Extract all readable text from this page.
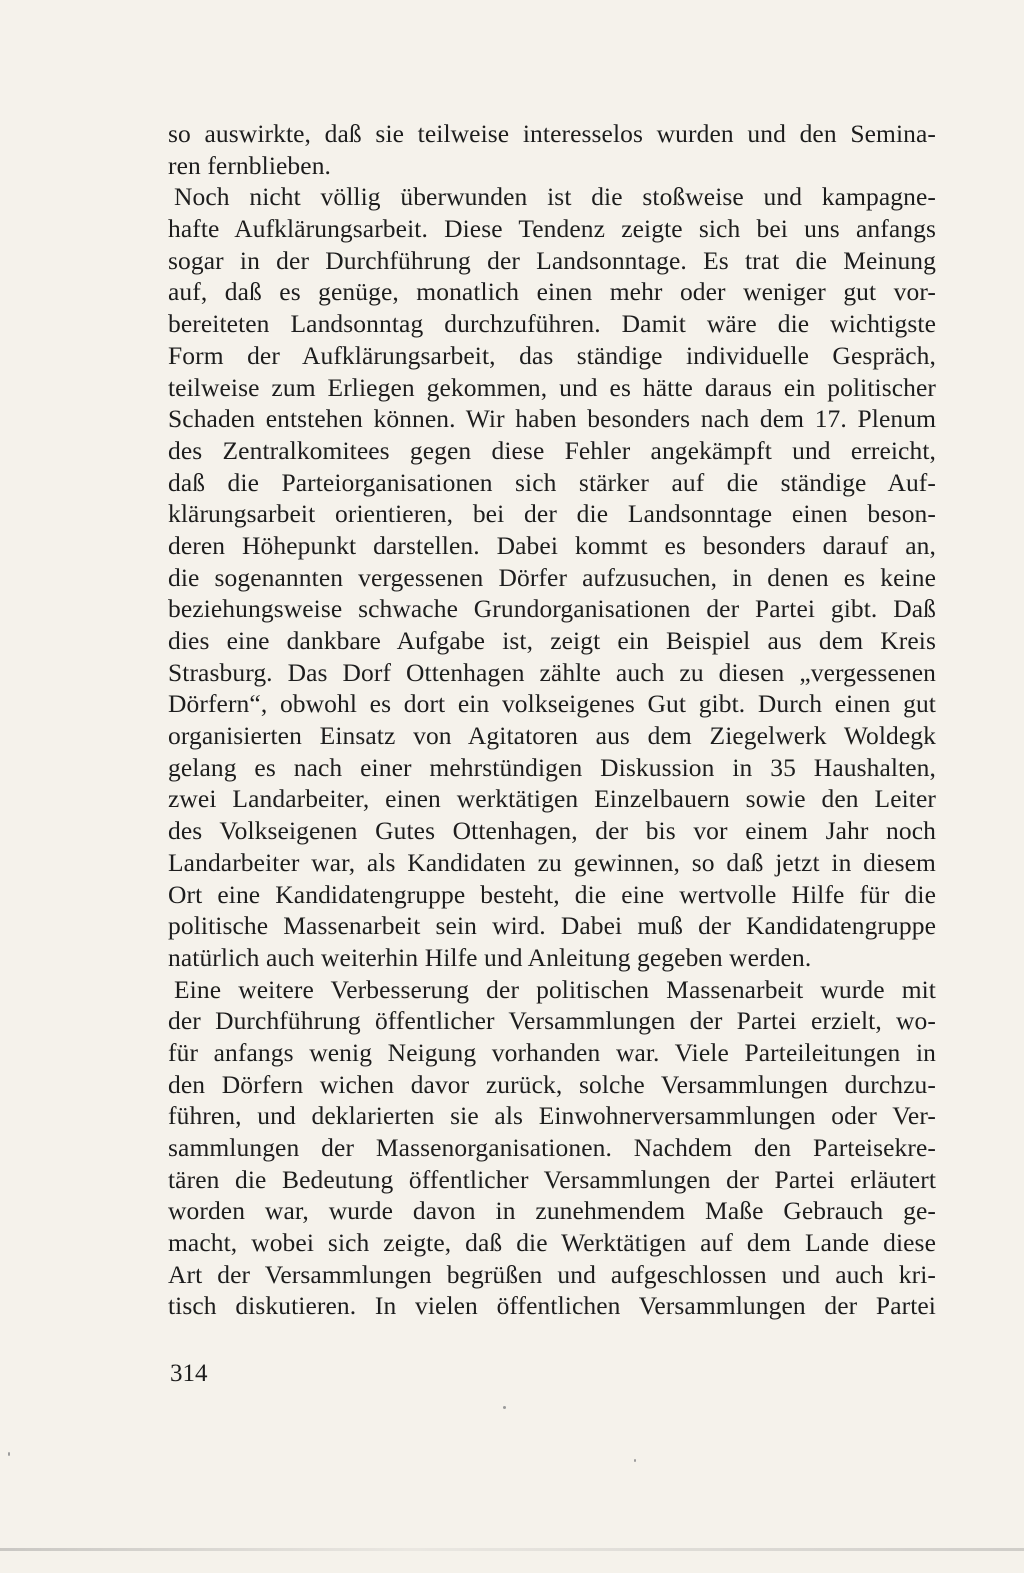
so auswirkte, daß sie teilweise interesselos wurden und den Semina-
ren fernblieben.
Noch nicht völlig überwunden ist die stoßweise und kampagne-
hafte Aufklärungsarbeit. Diese Tendenz zeigte sich bei uns anfangs
sogar in der Durchführung der Landsonntage. Es trat die Meinung
auf, daß es genüge, monatlich einen mehr oder weniger gut vor-
bereiteten Landsonntag durchzuführen. Damit wäre die wichtigste
Form der Aufklärungsarbeit, das ständige individuelle Gespräch,
teilweise zum Erliegen gekommen, und es hätte daraus ein politischer
Schaden entstehen können. Wir haben besonders nach dem 17. Plenum
des Zentralkomitees gegen diese Fehler angekämpft und erreicht,
daß die Parteiorganisationen sich stärker auf die ständige Auf-
klärungsarbeit orientieren, bei der die Landsonntage einen beson-
deren Höhepunkt darstellen. Dabei kommt es besonders darauf an,
die sogenannten vergessenen Dörfer aufzusuchen, in denen es keine
beziehungsweise schwache Grundorganisationen der Partei gibt. Daß
dies eine dankbare Aufgabe ist, zeigt ein Beispiel aus dem Kreis
Strasburg. Das Dorf Ottenhagen zählte auch zu diesen „vergessenen
Dörfern“, obwohl es dort ein volkseigenes Gut gibt. Durch einen gut
organisierten Einsatz von Agitatoren aus dem Ziegelwerk Woldegk
gelang es nach einer mehrstündigen Diskussion in 35 Haushalten,
zwei Landarbeiter, einen werktätigen Einzelbauern sowie den Leiter
des Volkseigenen Gutes Ottenhagen, der bis vor einem Jahr noch
Landarbeiter war, als Kandidaten zu gewinnen, so daß jetzt in diesem
Ort eine Kandidatengruppe besteht, die eine wertvolle Hilfe für die
politische Massenarbeit sein wird. Dabei muß der Kandidatengruppe
natürlich auch weiterhin Hilfe und Anleitung gegeben werden.
Eine weitere Verbesserung der politischen Massenarbeit wurde mit
der Durchführung öffentlicher Versammlungen der Partei erzielt, wo-
für anfangs wenig Neigung vorhanden war. Viele Parteileitungen in
den Dörfern wichen davor zurück, solche Versammlungen durchzu-
führen, und deklarierten sie als Einwohnerversammlungen oder Ver-
sammlungen der Massenorganisationen. Nachdem den Parteisekre-
tären die Bedeutung öffentlicher Versammlungen der Partei erläutert
worden war, wurde davon in zunehmendem Maße Gebrauch ge-
macht, wobei sich zeigte, daß die Werktätigen auf dem Lande diese
Art der Versammlungen begrüßen und aufgeschlossen und auch kri-
tisch diskutieren. In vielen öffentlichen Versammlungen der Partei
314
